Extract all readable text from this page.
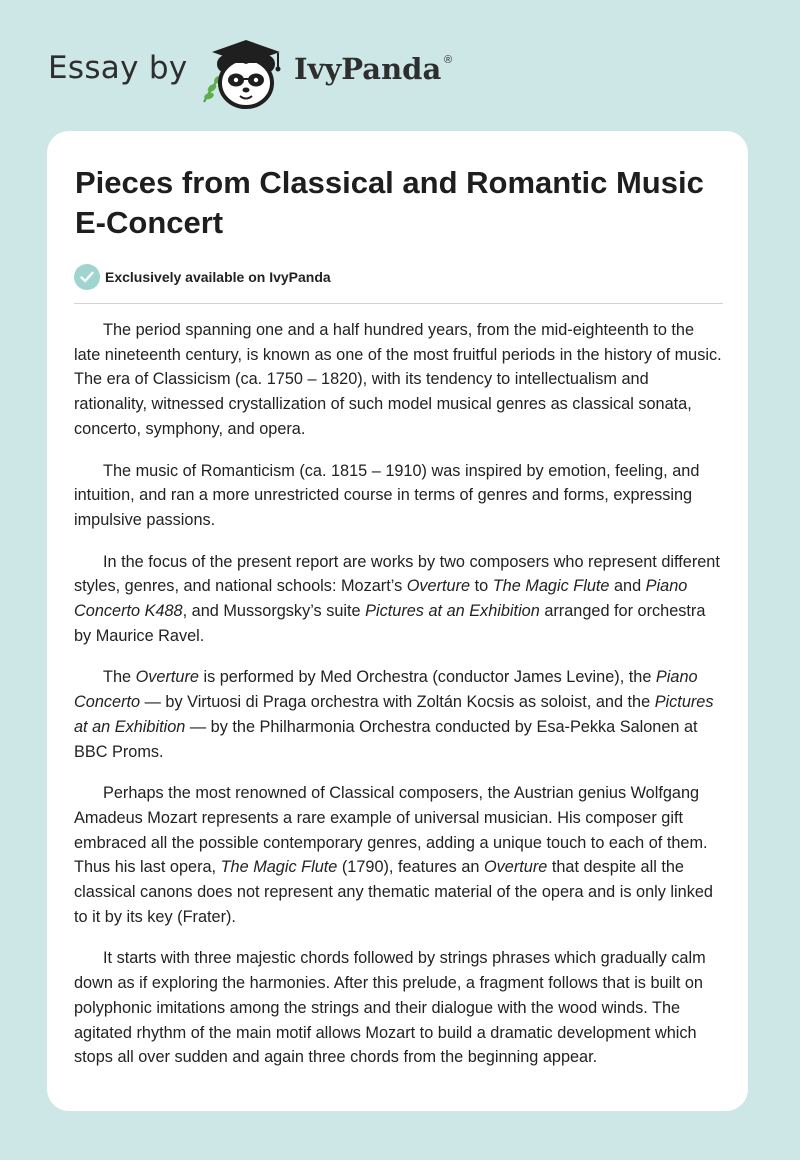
Essay by	IvyPanda ®
Pieces from Classical and Romantic Music E-Concert
Exclusively available on IvyPanda

The period spanning one and a half hundred years, from the mid-eighteenth to the late nineteenth century, is known as one of the most fruitful periods in the history of music. The era of Classicism (ca. 1750 – 1820), with its tendency to intellectualism and rationality, witnessed crystallization of such model musical genres as classical sonata, concerto, symphony, and opera.

The music of Romanticism (ca. 1815 – 1910) was inspired by emotion, feeling, and intuition, and ran a more unrestricted course in terms of genres and forms, expressing impulsive passions.

In the focus of the present report are works by two composers who represent different styles, genres, and national schools: Mozart’s Overture to The Magic Flute and Piano Concerto K488, and Mussorgsky’s suite Pictures at an Exhibition arranged for orchestra by Maurice Ravel.

The Overture is performed by Med Orchestra (conductor James Levine), the Piano Concerto — by Virtuosi di Praga orchestra with Zoltán Kocsis as soloist, and the Pictures at an Exhibition — by the Philharmonia Orchestra conducted by Esa-Pekka Salonen at BBC Proms.

Perhaps the most renowned of Classical composers, the Austrian genius Wolfgang Amadeus Mozart represents a rare example of universal musician. His composer gift embraced all the possible contemporary genres, adding a unique touch to each of them. Thus his last opera, The Magic Flute (1790), features an Overture that despite all the classical canons does not represent any thematic material of the opera and is only linked to it by its key (Frater).

It starts with three majestic chords followed by strings phrases which gradually calm down as if exploring the harmonies. After this prelude, a fragment follows that is built on polyphonic imitations among the strings and their dialogue with the wood winds. The agitated rhythm of the main motif allows Mozart to build a dramatic development which stops all over sudden and again three chords from the beginning appear.
